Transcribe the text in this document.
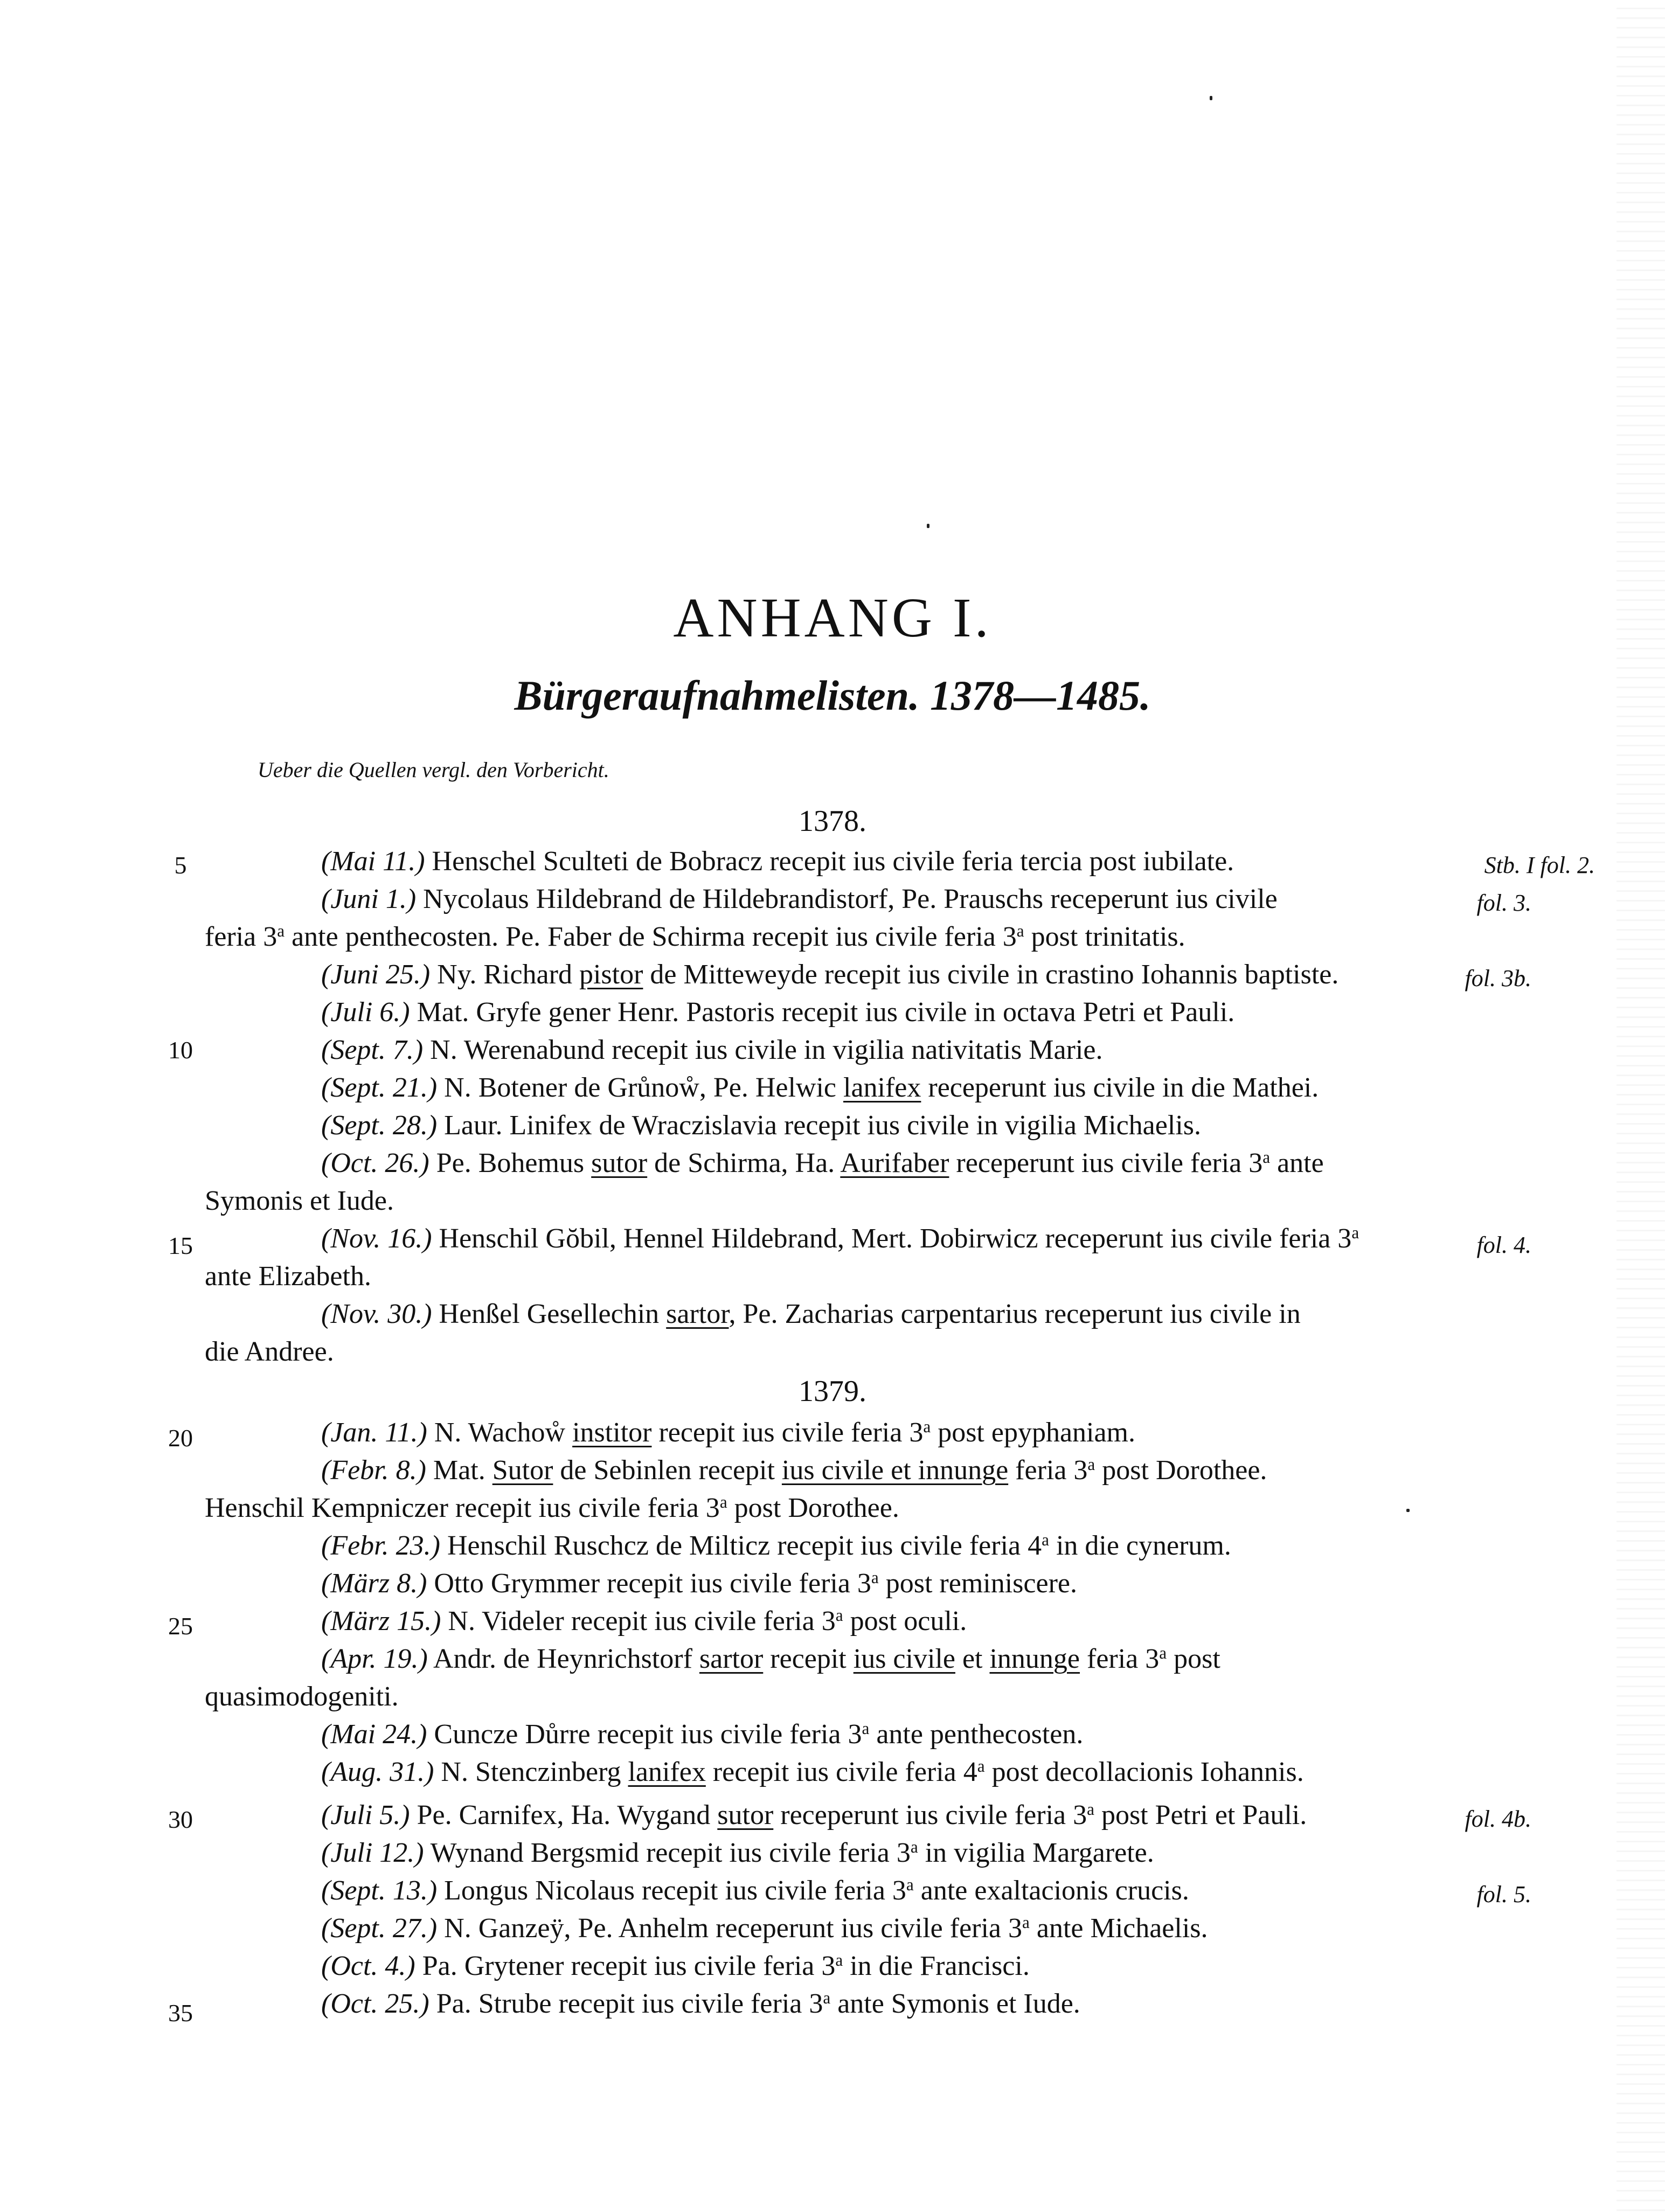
ANHANG I.
Bürgeraufnahmelisten. 1378—1485.
Ueber die Quellen vergl. den Vorbericht.
1378.
5
10
15
20
25
30
35
Stb. I fol. 2.
fol. 3.
fol. 3b.
fol. 4.
fol. 4b.
fol. 5.
(Mai 11.) Henschel Sculteti de Bobracz recepit ius civile feria tercia post iubilate.
(Juni 1.) Nycolaus Hildebrand de Hildebrandistorf, Pe. Prauschs receperunt ius civile
feria 3$^a$ ante penthecosten. Pe. Faber de Schirma recepit ius civile feria 3$^a$ post trinitatis.
(Juni 25.) Ny. Richard pistor de Mitteweyde recepit ius civile in crastino Iohannis baptiste.
(Juli 6.) Mat. Gryfe gener Henr. Pastoris recepit ius civile in octava Petri et Pauli.
(Sept. 7.) N. Werenabund recepit ius civile in vigilia nativitatis Marie.
(Sept. 21.) N. Botener de Grůnoẘ, Pe. Helwic lanifex receperunt ius civile in die Mathei.
(Sept. 28.) Laur. Linifex de Wraczislavia recepit ius civile in vigilia Michaelis.
(Oct. 26.) Pe. Bohemus sutor de Schirma, Ha. Aurifaber receperunt ius civile feria 3$^a$ ante
Symonis et Iude.
(Nov. 16.) Henschil Gŏbil, Hennel Hildebrand, Mert. Dobirwicz receperunt ius civile feria 3$^a$
ante Elizabeth.
(Nov. 30.) Henßel Gesellechin sartor, Pe. Zacharias carpentarius receperunt ius civile in
die Andree.
1379.
(Jan. 11.) N. Wachoẘ institor recepit ius civile feria 3$^a$ post epyphaniam.
(Febr. 8.) Mat. Sutor de Sebinlen recepit ius civile et innunge feria 3$^a$ post Dorothee.
Henschil Kempniczer recepit ius civile feria 3$^a$ post Dorothee.
(Febr. 23.) Henschil Ruschcz de Milticz recepit ius civile feria 4$^a$ in die cynerum.
(März 8.) Otto Grymmer recepit ius civile feria 3$^a$ post reminiscere.
(März 15.) N. Videler recepit ius civile feria 3$^a$ post oculi.
(Apr. 19.) Andr. de Heynrichstorf sartor recepit ius civile et innunge feria 3$^a$ post
quasimodogeniti.
(Mai 24.) Cuncze Důrre recepit ius civile feria 3$^a$ ante penthecosten.
(Aug. 31.) N. Stenczinberg lanifex recepit ius civile feria 4$^a$ post decollacionis Iohannis.
(Juli 5.) Pe. Carnifex, Ha. Wygand sutor receperunt ius civile feria 3$^a$ post Petri et Pauli.
(Juli 12.) Wynand Bergsmid recepit ius civile feria 3$^a$ in vigilia Margarete.
(Sept. 13.) Longus Nicolaus recepit ius civile feria 3$^a$ ante exaltacionis crucis.
(Sept. 27.) N. Ganzeÿ, Pe. Anhelm receperunt ius civile feria 3$^a$ ante Michaelis.
(Oct. 4.) Pa. Grytener recepit ius civile feria 3$^a$ in die Francisci.
(Oct. 25.) Pa. Strube recepit ius civile feria 3$^a$ ante Symonis et Iude.
